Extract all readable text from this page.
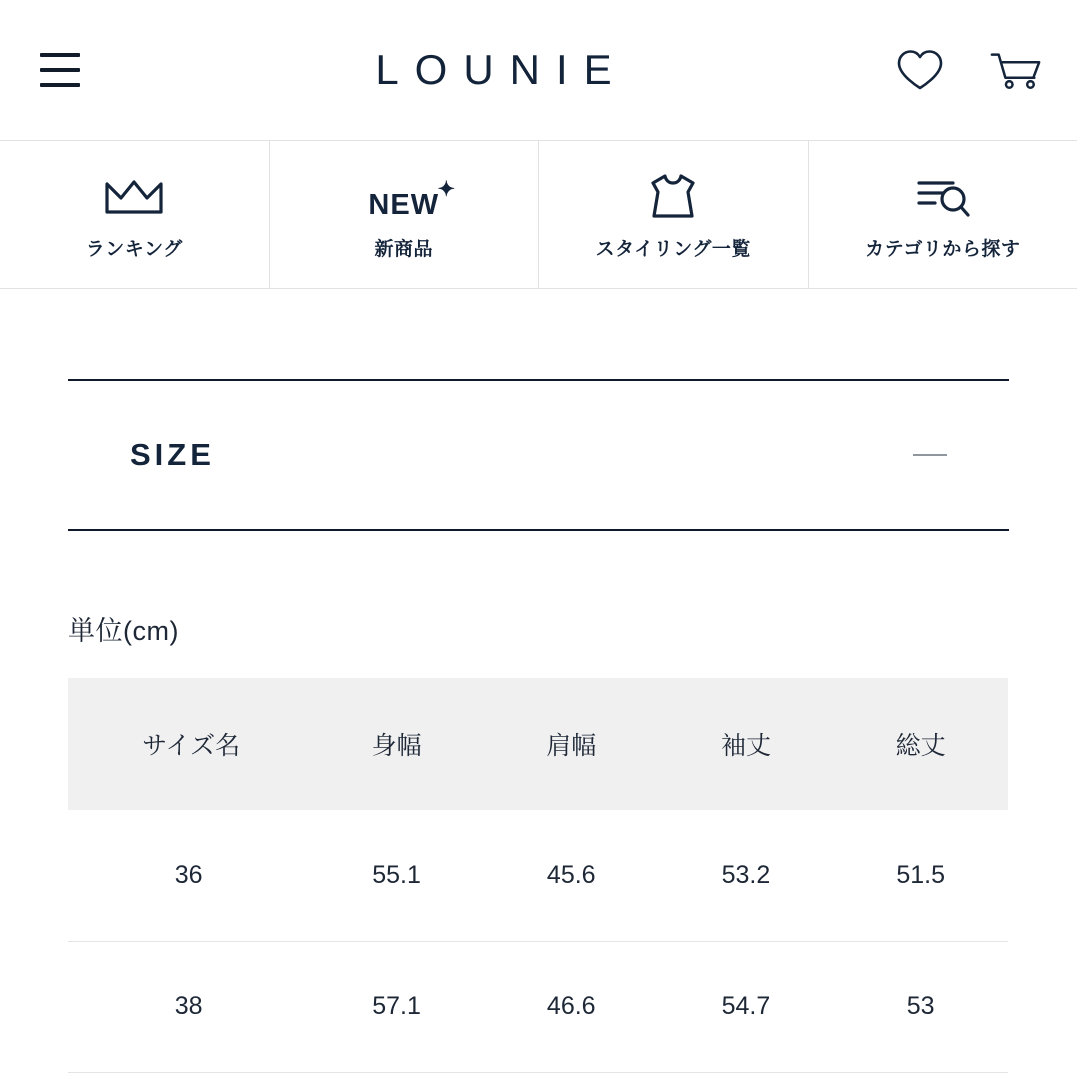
LOUNIE
ランキング
NEW
✦
新商品	スタイリング一覧	カテゴリから探す
SIZE
単位(cm)
サイズ名	身幅	肩幅	袖丈	総丈
36	55.1	45.6	53.2	51.5
38	57.1	46.6	54.7	53
